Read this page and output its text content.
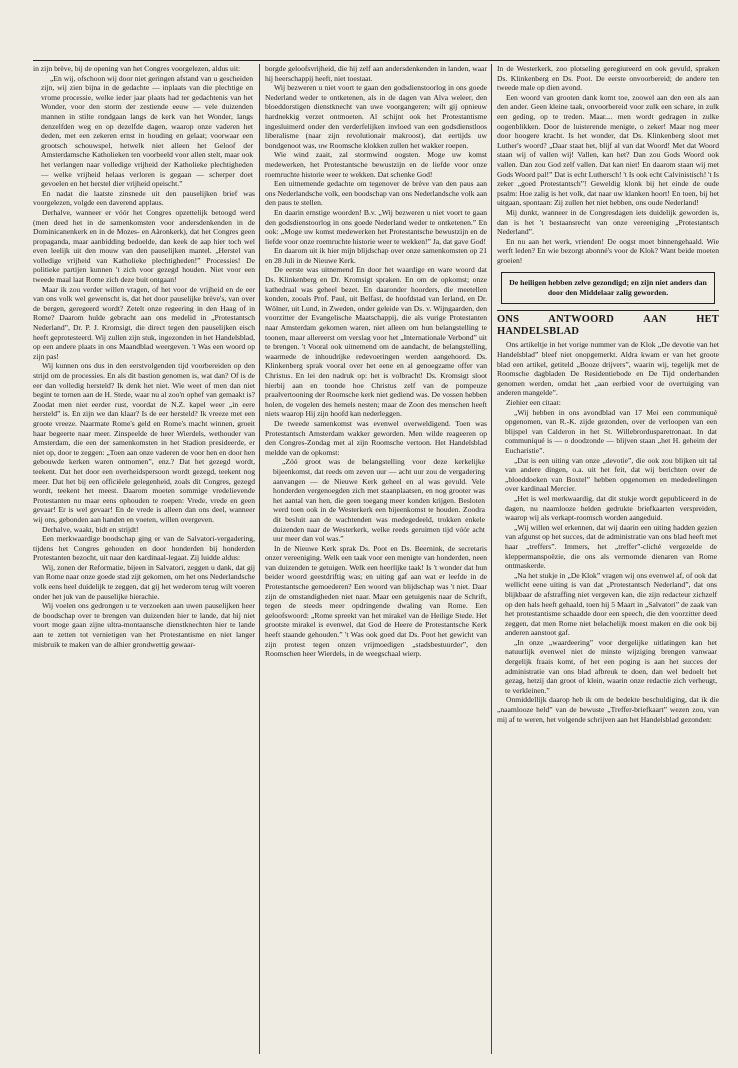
in zijn brève, bij de opening van het Congres voorgelezen, aldus uit:

„En wij, ofschoon wij door niet geringen afstand van u gescheiden zijn, wij zien bijna in de gedachte — inplaats van die plechtige en vrome processie, welke ieder jaar plaats had ter gedachtenis van het Wonder, voor den storm der zestiende eeuw — vele duizenden mannen in stilte rondgaan langs de kerk van het Wonder, langs denzelfden weg en op dezelfde dagen, waarop onze vaderen het deden, met een zekeren ernst in houding en gelaat; voorwaar een grootsch schouwspel, hetwelk niet alleen het Geloof der Amsterdamsche Katholieken ten voorbeeld voor allen stelt, maar ook het verlangen naar volledige vrijheid der Katholieke plechtigheden — welke vrijheid helaas verloren is gegaan — scherper doet gevoelen en het herstel dier vrijheid opeischt.”

En nadat die laatste zinsnede uit den pauselijken brief was voorgelezen, volgde een daverend applaus.

Derhalve, wanneer er vóór het Congres opzettelijk betoogd werd (men deed het in de samenkomsten voor andersdenkenden in de Dominicanenkerk en in de Mozes- en Aäronkerk), dat het Congres geen propaganda, maar aanbidding bedoelde, dan keek de aap hier toch wel even leelijk uit den mouw van den pauselijken mantel. „Herstel van volledige vrijheid van Katholieke plechtigheden!” Processies! De politieke partijen kunnen 't zich voor gezegd houden. Niet voor een tweede maal laat Rome zich deze buit ontgaan!

Maar ik zou verder willen vragen, of het voor de vrijheid en de eer van ons volk wel gewenscht is, dat het door pauselijke brève's, van over de bergen, geregeerd wordt? Zetelt onze regeering in den Haag of in Rome? Daarom hulde gebracht aan ons medelid in „Protestantsch Nederland”, Dr. P. J. Kromsigt, die direct tegen den pauselijken eisch heeft geprotesteerd. Wij zullen zijn stuk, ingezonden in het Handelsblad, op een andere plaats in ons Maandblad weergeven. 't Was een woord op zijn pas!

Wij kunnen ons dus in den eerstvolgenden tijd voorbereiden op den strijd om de processies. En als dit bastion genomen is, wat dan? Of is de eer dan volledig hersteld? Ik denk het niet. Wie weet of men dan niet begint te tornen aan de H. Stede, waar nu al zoo'n ophef van gemaakt is? Zoodat men niet eerder rust, voordat de N.Z. kapel weer „in eere hersteld” is. En zijn we dan klaar? Is de eer hersteld? Ik vreeze met een groote vreeze. Naarmate Rome's geld en Rome's macht winnen, groeit haar begeerte naar meer. Zinspeelde de heer Wierdels, wethouder van Amsterdam, die een der samenkomsten in het Stadion presideerde, er niet op, door te zeggen: „Toen aan onze vaderen de voor hen en door hen gebouwde kerken waren ontnomen”, enz.? Dat het gezegd wordt, teekent. Dat het door een overheidspersoon wordt gezegd, teekent nog meer. Dat het bij een officiëele gelegenheid, zoals dit Congres, gezegd wordt, teekent het meest. Daarom moeten sommige vredelievende Protestanten nu maar eens ophouden te roepen: Vrede, vrede en geen gevaar! Er is wel gevaar! En de vrede is alleen dan ons deel, wanneer wij ons, gebonden aan handen en voeten, willen overgeven.

Derhalve, waakt, bidt en strijdt!

Een merkwaardige boodschap ging er van de Salvatori-vergadering, tijdens het Congres gehouden en door honderden bij honderden Protestanten bezocht, uit naar den kardinaal-legaat. Zij luidde aldus:

Wij, zonen der Reformatie, bijeen in Salvatori, zeggen u dank, dat gij van Rome naar onze goede stad zijt gekomen, om het ons Nederlandsche volk eens heel duidelijk te zeggen, dat gij het wederom terug wilt voeren onder het juk van de pauselijke hierachie.

Wij voelen ons gedrongen u te verzoeken aan uwen pauselijken heer de boodschap over te brengen van duizenden hier te lande, dat hij niet voort moge gaan zijne ultra-montaansche dienstknechten hier te lande aan te zetten tot vernietigen van het Protestantisme en niet langer misbruik te maken van de alhier grondwettig gewaar-

borgde geloofsvrijheid, die hij zelf aan andersdenkenden in landen, waar hij heerschappij heeft, niet toestaat.

Wij bezweren u niet voort te gaan den godsdienstoorlog in ons goede Nederland weder te ontketenen, als in de dagen van Alva weleer, den bloeddorstigen dienstknecht van uwe voorgangeren; wilt gij opnieuw hardnekkig verzet ontmoeten. Al schijnt ook het Protestantisme ingesluimerd onder den verderfelijken invloed van een godsdienstloos liberalisme (naar zijn revolutionair makroost), dat eertijds uw bondgenoot was, uw Roomsche klokken zullen het wakker roepen.

Wie wind zaait, zal stormwind oogsten. Moge uw komst medewerken, het Protestantsche bewustzijn en de liefde voor onze roemruchte historie weer te wekken. Dat schenke God!

Een uitnemende gedachte om tegenover de brève van den paus aan ons Nederlandsche volk, een boodschap van ons Nederlandsche volk aan den paus te stellen.

En daarin ernstige woorden! B.v. „Wij bezweren u niet voort te gaan den godsdienstoorlog in ons goede Nederland weder te ontketenen.” En ook: „Moge uw komst medewerken het Protestantsche bewustzijn en de liefde voor onze roemruchte historie weer te wekken!” Ja, dat gave God!

En daarom uit ik hier mijn blijdschap over onze samenkomsten op 21 en 28 Juli in de Nieuwe Kerk.

De eerste was uitnemend En door het waardige en ware woord dat Ds. Klinkenberg en Dr. Kromsigt spraken. En om de opkomst; onze kathedraal was geheel bezet. En daaronder hoorders, die meetellen konden, zooals Prof. Paul, uit Belfast, de hoofdstad van Ierland, en Dr. Wölner, uit Lund, in Zweden, onder geleide van Ds. v. Wijngaarden, den voorzitter der Evangelische Maatschappij, die als vurige Protestanten naar Amsterdam gekomen waren, niet alleen om hun belangstelling te toonen, maar allereerst om verslag voor het „Internationale Verbond” uit te brengen. 't Vooral ook uitnemend om de aandacht, de belangstelling, waarmede de inhoudrijke redevoeringen werden aangehoord. Ds. Klinkenberg sprak vooral over het eene en al genoegzame offer van Christus. En lei den nadruk op: het is volbracht! Ds. Kromsigt sloot hierbij aan en toonde hoe Christus zelf van de pompeuze praalvertooning der Roomsche kerk niet gediend was. De vossen hebben holen, de vogelen des hemels nesten; maar de Zoon des menschen heeft niets waarop Hij zijn hoofd kan nederleggen.

De tweede samenkomst was evenwel overweldigend. Toen was Protestantsch Amsterdam wakker geworden. Men wilde reageeren op den Congres-Zondag met al zijn Roomsche vertoon. Het Handelsblad meldde van de opkomst:

„Zóó groot was de belangstelling voor deze kerkelijke bijeenkomst, dat reeds om zeven uur — acht uur zou de vergadering aanvangen — de Nieuwe Kerk geheel en al was gevuld. Vele honderden vergenoegden zich met staanplaatsen, en nog grooter was het aantal van hen, die geen toegang meer konden krijgen. Besloten werd toen ook in de Westerkerk een bijeenkomst te houden. Zoodra dit besluit aan de wachtenden was medegedeeld, trokken enkele duizenden naar de Westerkerk, welke reeds geruimen tijd vóór acht uur meer dan vol was.”

In de Nieuwe Kerk sprak Ds. Poot en Ds. Beernink, de secretaris onzer vereeniging. Welk een taak voor een menigte van honderden, neen van duizenden te getuigen. Welk een heerlijke taak! Is 't wonder dat hun beider woord geestdriftig was; en uiting gaf aan wat er leefde in de Protestantsche gemoederen? Een woord van blijdschap was 't niet. Daar zijn de omstandigheden niet naar. Maar een getuigenis naar de Schrift, tegen de steeds meer opdringende dwaling van Rome. Een geloofswoord: „Rome spreekt van het mirakel van de Heilige Stede. Het grootste mirakel is evenwel, dat God de Heere de Protestantsche Kerk heeft staande gehouden.” 't Was ook goed dat Ds. Poot het gewicht van zijn protest tegen onzen vrijmoedigen „stadsbestuurder”, den Roomschen heer Wierdels, in de weegschaal wierp.

In de Westerkerk, zoo plotseling geregiureerd en ook gevuld, spraken Ds. Klinkenberg en Ds. Poot. De eerste onvoorbereid; de andere ten tweede male op dien avond.

Een woord van grooten dank komt toe, zoowel aan den een als aan den ander. Geen kleine taak, onvoorbereid voor zulk een schare, in zulk een geding, op te treden. Maar.... men wordt gedragen in zulke oogenblikken. Door de luisterende menigte, o zeker! Maar nog meer door hoogere kracht. Is het wonder, dat Ds. Klinkenberg sloot met Luther's woord? „Daar staat het, blijf al van dat Woord! Met dat Woord staan wij of vallen wij! Vallen, kan het? Dan zou Gods Woord ook vallen. Dan zou God zelf vallen. Dat kan niet! En daarom staan wij met Gods Woord pal!” Dat is echt Luthersch! 't Is ook echt Calvinistisch! 't Is zeker „goed Protestantsch”! Geweldig klonk bij het einde de oude psalm: Hoe zalig is het volk, dat naar uw klanken hoort! En toen, bij het uitgaan, spontaan: Zij zullen het niet hebben, ons oude Nederland!

Mij dunkt, wanneer in de Congresdagen iets duidelijk geworden is, dan is het 't bestaansrecht van onze vereeniging „Protestantsch Nederland”.

En nu aan het werk, vrienden! De oogst moet binnengehaald. Wie werft leden? En wie bezorgt abonné's voor de Klok? Want beide moeten groeien!

De heiligen hebben zelve gezondigd; en zijn niet anders dan door den Middelaar zalig geworden.
ONS ANTWOORD AAN HET HANDELSBLAD

Ons artikeltje in het vorige nummer van de Klok „De devotie van het Handelsblad” bleef niet onopgemerkt. Aldra kwam er van het groote blad een artikel, getiteld „Booze drijvers”, waarin wij, tegelijk met de Roomsche dagbladen De Residentiebode en De Tijd onderhanden genomen werden, omdat het „aan eerbied voor de overtuiging van anderen mangelde”.

Ziehier een citaat:

„Wij hebben in ons avondblad van 17 Mei een communiqué opgenomen, van R.-K. zijde gezonden, over de verloopen van een blijspel van Calderon in het St. Willebrordusparetronaat. In dat communiqué is — o doodzonde — blijven staan „het H. geheim der Eucharistie”.

„Dat is een uiting van onze „devotie”, die ook zou blijken uit tal van andere dingen, o.a. uit het feit, dat wij berichten over de „bloeddoeken van Boxtel” hebben opgenomen en mededeelingen over kardinaal Mercier.

„Het is wel merkwaardig, dat dit stukje wordt gepubliceerd in de dagen, nu naamlooze helden gedrukte briefkaarten verspreiden, waarop wij als verkapt-roomsch worden aangeduid.

„Wij willen wel erkennen, dat wij daarin een uiting hadden gezien van afgunst op het succes, dat de administratie van ons blad heeft met haar „treffers”. Immers, het „treffer”-cliché vergezelde de kleppermanspoëzie, die ons als vermomde dienaren van Rome ontmaskerde.

„Na het stukje in „De Klok” vragen wij ons evenwel af, of ook dat wellicht eene uiting is van dat „Protestantsch Nederland”, dat ons blijkbaar de afstraffing niet vergeven kan, die zijn redacteur zichzelf op den hals heeft gehaald, toen hij 5 Maart in „Salvatori” de zaak van het protestantisme schaadde door een speech, die den voorzitter deed zeggen, dat men Rome niet belachelijk moest maken en die ook bij anderen aanstoot gaf.

„In onze „waardeering” voor dergelijke uitlatingen kan het natuurlijk evenwel niet de minste wijziging brengen vanwaar dergelijk fraais komt, of het een poging is aan het succes der administratie van ons blad afbreuk te doen, dan wel bedoelt het gezag, hetzij dan groot of klein, waarin onze redactie zich verheugt, te verkleinen.”

Onmiddellijk daarop heb ik om de bedekte beschuldiging, dat ik die „naamlooze held” van de bewuste „Treffer-briefkaart” wezen zou, van mij af te weren, het volgende schrijven aan het Handelsblad gezonden:
